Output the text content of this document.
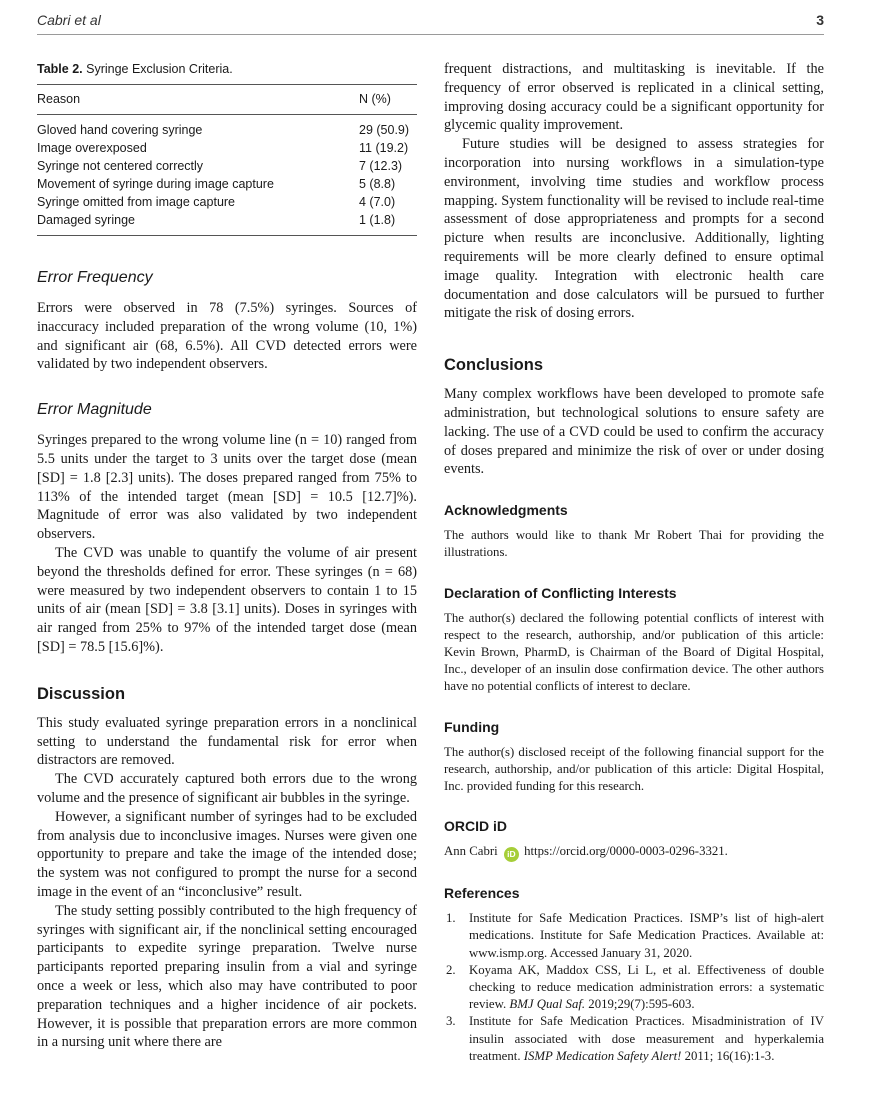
Cabri et al	3
Table 2. Syringe Exclusion Criteria.
Reason	N (%)
Gloved hand covering syringe	29 (50.9)
Image overexposed	11 (19.2)
Syringe not centered correctly	7 (12.3)
Movement of syringe during image capture	5 (8.8)
Syringe omitted from image capture	4 (7.0)
Damaged syringe	1 (1.8)
Error Frequency

Errors were observed in 78 (7.5%) syringes. Sources of inaccuracy included preparation of the wrong volume (10, 1%) and significant air (68, 6.5%). All CVD detected errors were validated by two independent observers.

Error Magnitude

Syringes prepared to the wrong volume line (n = 10) ranged from 5.5 units under the target to 3 units over the target dose (mean [SD] = 1.8 [2.3] units). The doses prepared ranged from 75% to 113% of the intended target (mean [SD] = 10.5 [12.7]%). Magnitude of error was also validated by two independent observers.

The CVD was unable to quantify the volume of air present beyond the thresholds defined for error. These syringes (n = 68) were measured by two independent observers to contain 1 to 15 units of air (mean [SD] = 3.8 [3.1] units). Doses in syringes with air ranged from 25% to 97% of the intended target dose (mean [SD] = 78.5 [15.6]%).

Discussion

This study evaluated syringe preparation errors in a nonclinical setting to understand the fundamental risk for error when distractors are removed.

The CVD accurately captured both errors due to the wrong volume and the presence of significant air bubbles in the syringe.

However, a significant number of syringes had to be excluded from analysis due to inconclusive images. Nurses were given one opportunity to prepare and take the image of the intended dose; the system was not configured to prompt the nurse for a second image in the event of an “inconclusive” result.

The study setting possibly contributed to the high frequency of syringes with significant air, if the nonclinical setting encouraged participants to expedite syringe preparation. Twelve nurse participants reported preparing insulin from a vial and syringe once a week or less, which also may have contributed to poor preparation techniques and a higher incidence of air pockets. However, it is possible that preparation errors are more common in a nursing unit where there are

frequent distractions, and multitasking is inevitable. If the frequency of error observed is replicated in a clinical setting, improving dosing accuracy could be a significant opportunity for glycemic quality improvement.

Future studies will be designed to assess strategies for incorporation into nursing workflows in a simulation-type environment, involving time studies and workflow process mapping. System functionality will be revised to include real-time assessment of dose appropriateness and prompts for a second picture when results are inconclusive. Additionally, lighting requirements will be more clearly defined to ensure optimal image quality. Integration with electronic health care documentation and dose calculators will be pursued to further mitigate the risk of dosing errors.

Conclusions

Many complex workflows have been developed to promote safe administration, but technological solutions to ensure safety are lacking. The use of a CVD could be used to confirm the accuracy of doses prepared and minimize the risk of over or under dosing events.

Acknowledgments

The authors would like to thank Mr Robert Thai for providing the illustrations.

Declaration of Conflicting Interests

The author(s) declared the following potential conflicts of interest with respect to the research, authorship, and/or publication of this article: Kevin Brown, PharmD, is Chairman of the Board of Digital Hospital, Inc., developer of an insulin dose confirmation device. The other authors have no potential conflicts of interest to declare.

Funding

The author(s) disclosed receipt of the following financial support for the research, authorship, and/or publication of this article: Digital Hospital, Inc. provided funding for this research.

ORCID iD

Ann Cabri iD https://orcid.org/0000-0003-0296-3321.

References
1. Institute for Safe Medication Practices. ISMP’s list of high-alert medications. Institute for Safe Medication Practices. Available at: www.ismp.org. Accessed January 31, 2020.
2. Koyama AK, Maddox CSS, Li L, et al. Effectiveness of double checking to reduce medication administration errors: a systematic review. BMJ Qual Saf. 2019;29(7):595-603.
3. Institute for Safe Medication Practices. Misadministration of IV insulin associated with dose measurement and hyperkalemia treatment. ISMP Medication Safety Alert! 2011; 16(16):1-3.
